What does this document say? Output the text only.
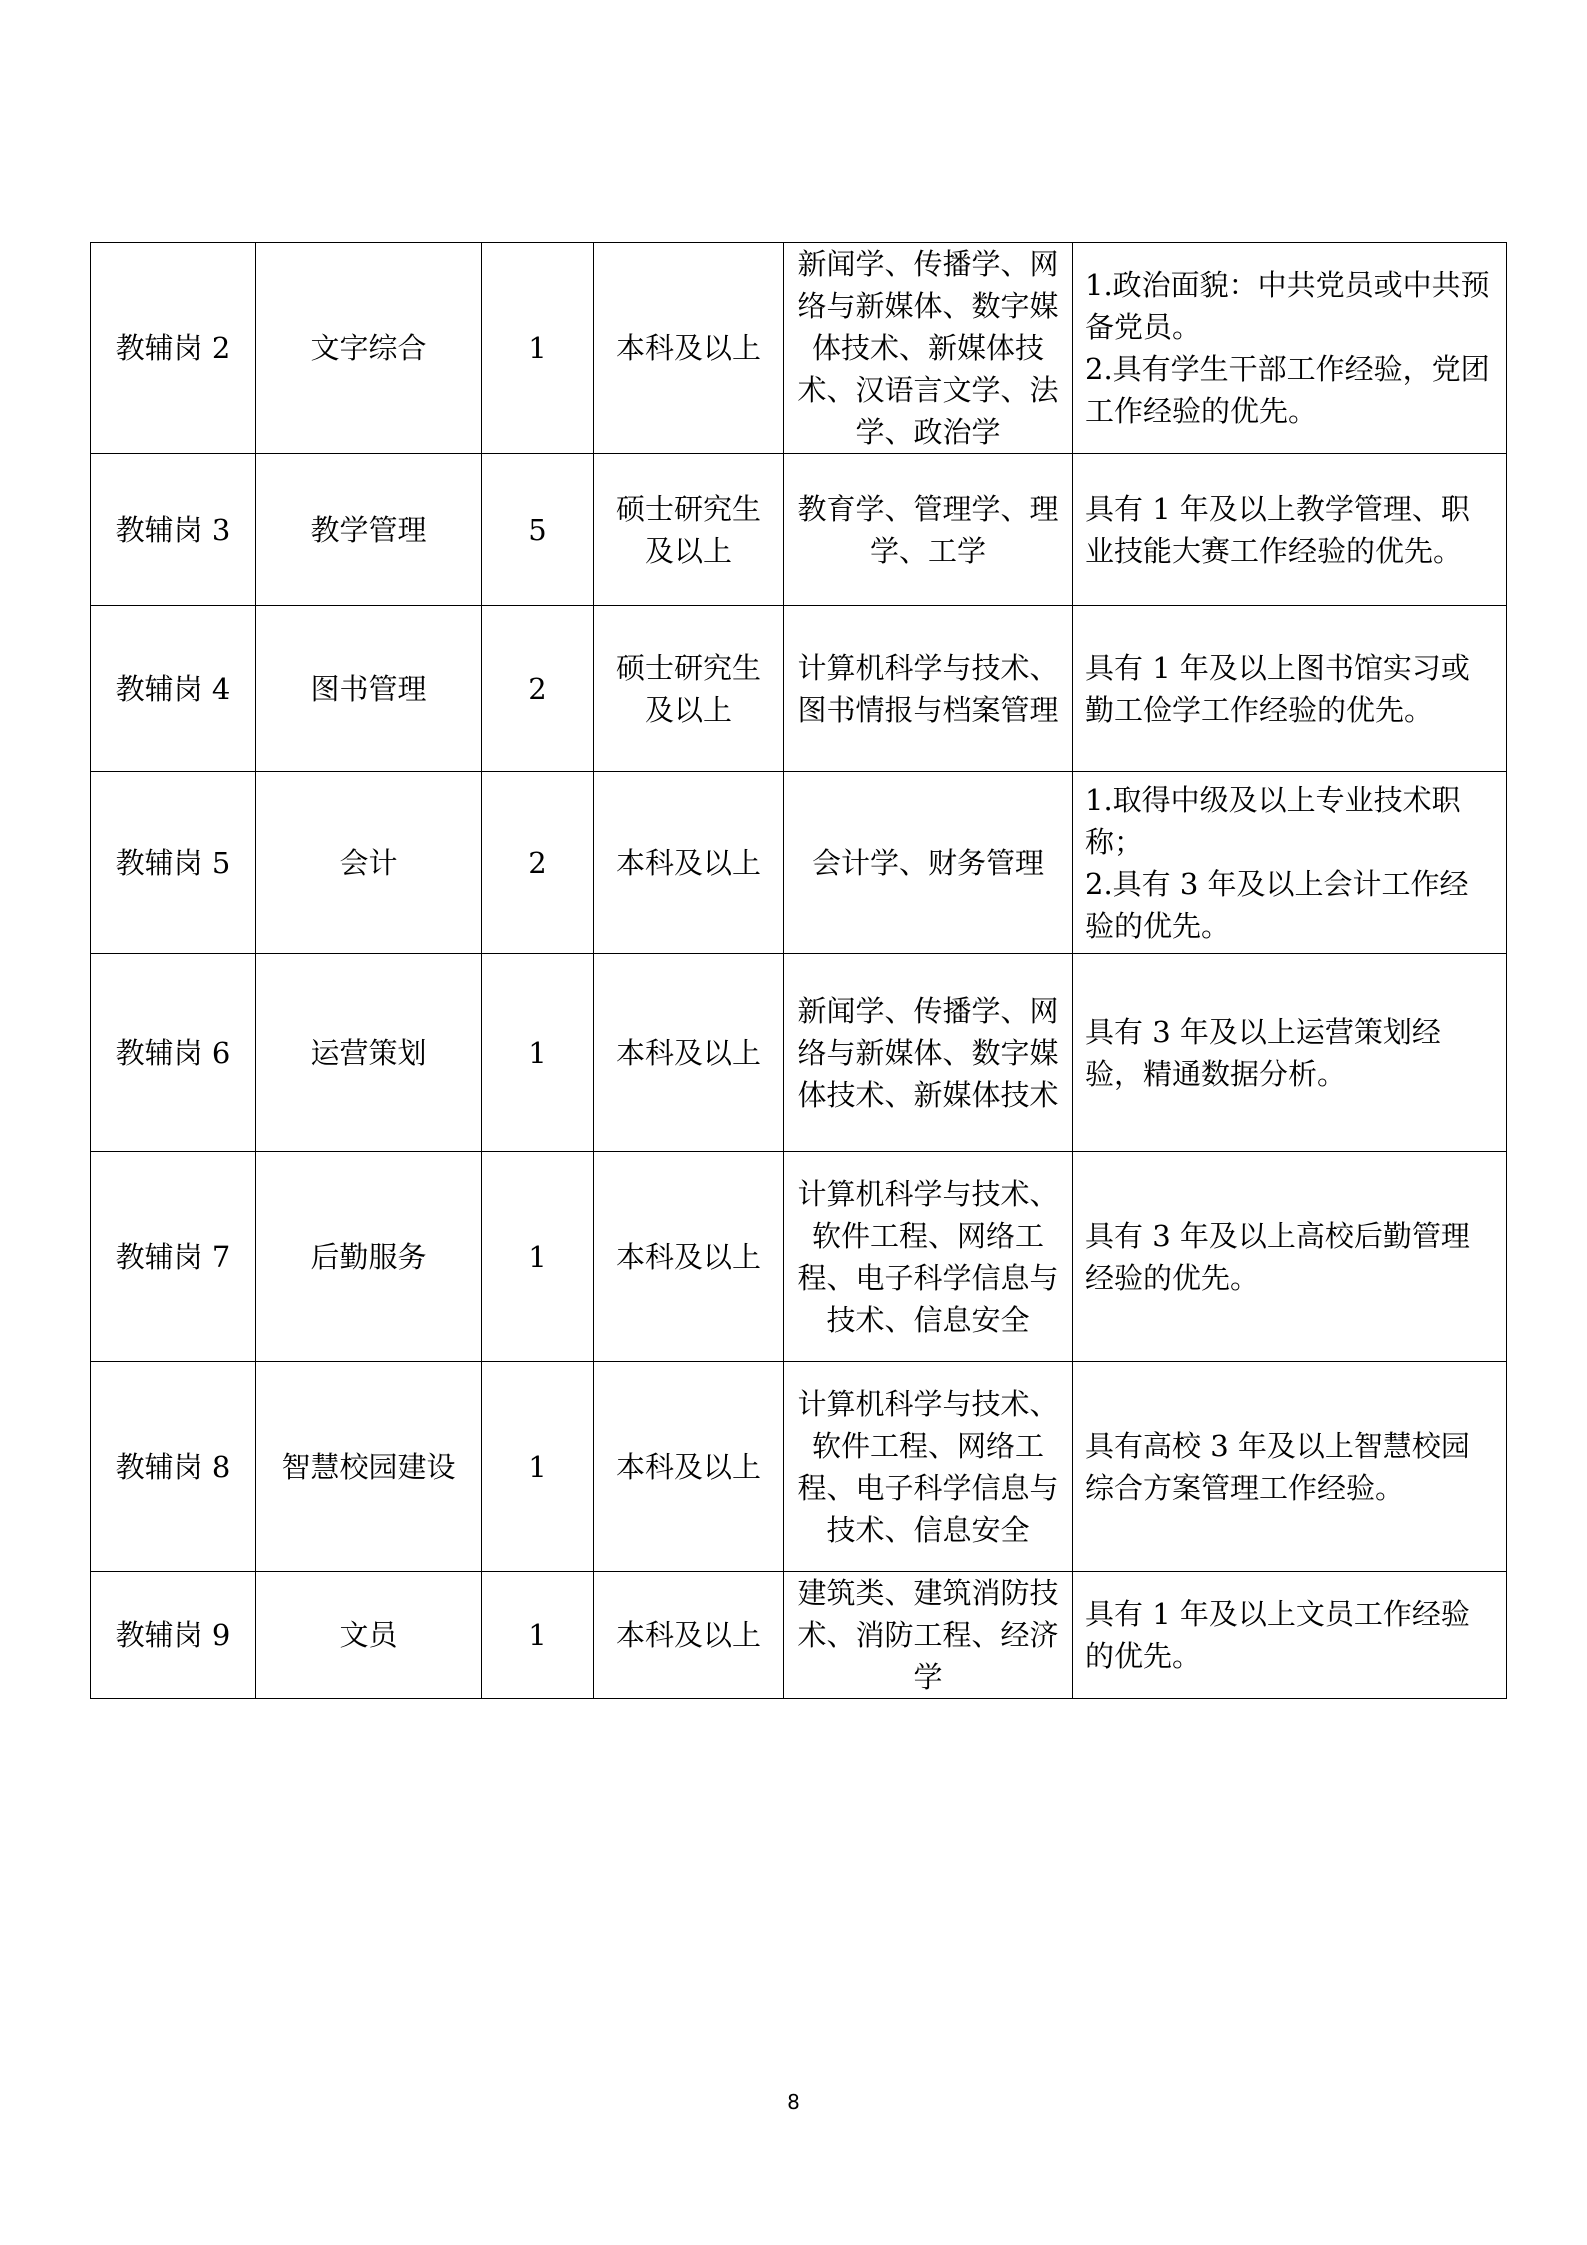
教辅岗 2	文字综合	1	本科及以上	新闻学、传播学、网络与新媒体、数字媒体技术、新媒体技术、汉语言文学、法学、政治学	1.政治面貌：中共党员或中共预备党员。
2.具有学生干部工作经验，党团工作经验的优先。

教辅岗 3	教学管理	5	硕士研究生及以上	教育学、管理学、理学、工学	具有 1 年及以上教学管理、职业技能大赛工作经验的优先。

教辅岗 4	图书管理	2	硕士研究生及以上	计算机科学与技术、图书情报与档案管理	具有 1 年及以上图书馆实习或勤工俭学工作经验的优先。

教辅岗 5	会计	2	本科及以上	会计学、财务管理	1.取得中级及以上专业技术职称；
2.具有 3 年及以上会计工作经验的优先。

教辅岗 6	运营策划	1	本科及以上	新闻学、传播学、网络与新媒体、数字媒体技术、新媒体技术	具有 3 年及以上运营策划经验，精通数据分析。

教辅岗 7	后勤服务	1	本科及以上	计算机科学与技术、软件工程、网络工程、电子科学信息与技术、信息安全	具有 3 年及以上高校后勤管理经验的优先。

教辅岗 8	智慧校园建设	1	本科及以上	计算机科学与技术、软件工程、网络工程、电子科学信息与技术、信息安全	具有高校 3 年及以上智慧校园综合方案管理工作经验。

教辅岗 9	文员	1	本科及以上	建筑类、建筑消防技术、消防工程、经济学	具有 1 年及以上文员工作经验的优先。
8
